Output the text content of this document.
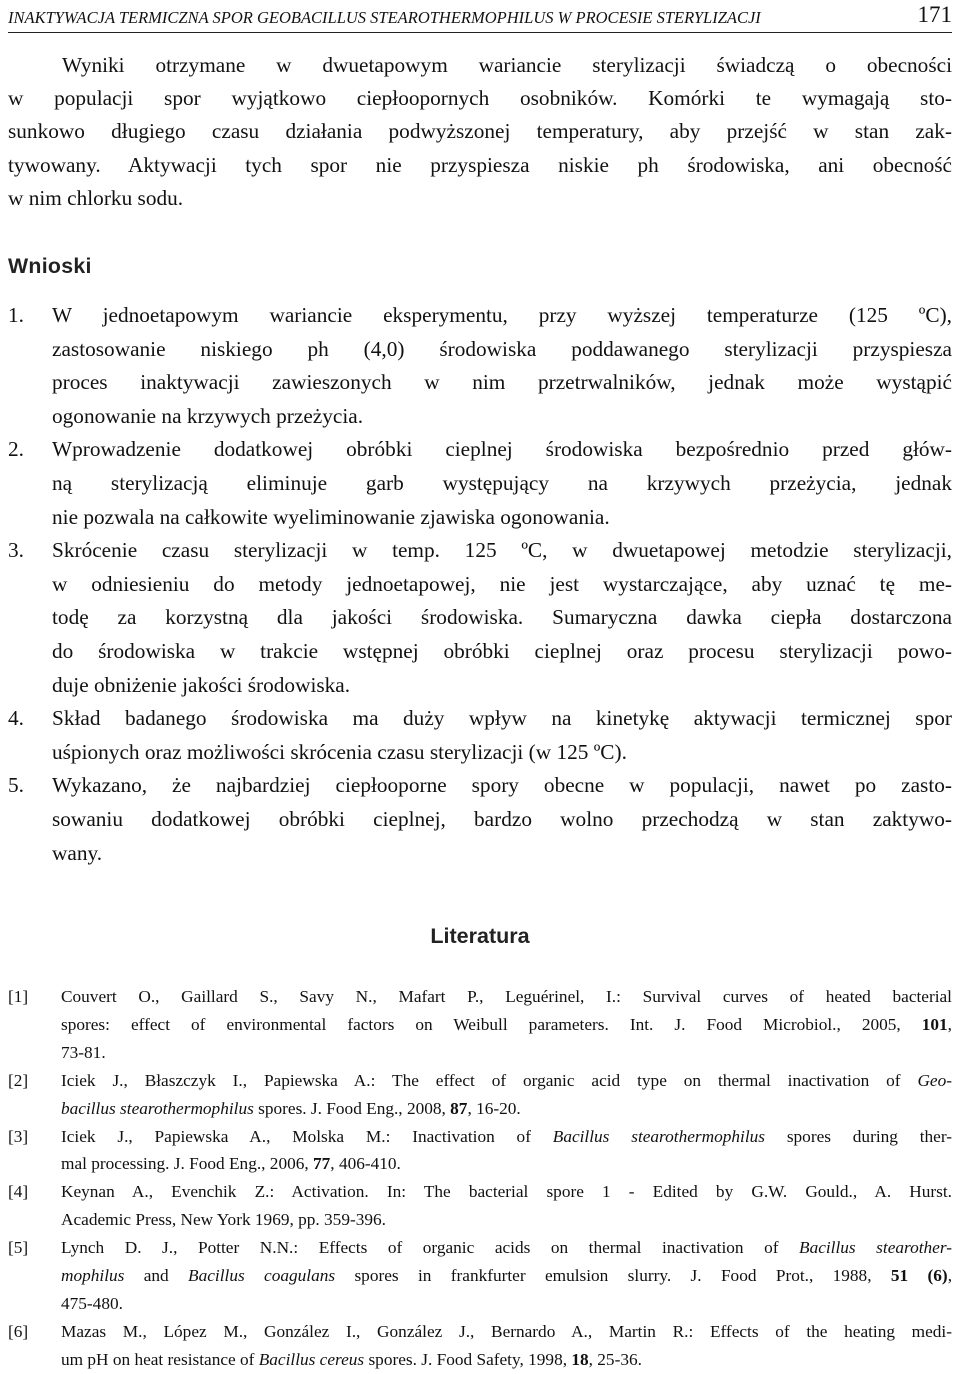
INAKTYWACJA TERMICZNA SPOR GEOBACILLUS STEAROTHERMOPHILUS W PROCESIE STERYLIZACJI	171
Wyniki otrzymane w dwuetapowym wariancie sterylizacji świadczą o obecności
w populacji spor wyjątkowo ciepłoopornych osobników. Komórki te wymagają sto-
sunkowo długiego czasu działania podwyższonej temperatury, aby przejść w stan zak-
tywowany. Aktywacji tych spor nie przyspiesza niskie ph środowiska, ani obecność
w nim chlorku sodu.
Wnioski
1. W jednoetapowym wariancie eksperymentu, przy wyższej temperaturze (125 ºC),
zastosowanie niskiego ph (4,0) środowiska poddawanego sterylizacji przyspiesza
proces inaktywacji zawieszonych w nim przetrwalników, jednak może wystąpić
ogonowanie na krzywych przeżycia.
2. Wprowadzenie dodatkowej obróbki cieplnej środowiska bezpośrednio przed głów-
ną sterylizacją eliminuje garb występujący na krzywych przeżycia, jednak
nie pozwala na całkowite wyeliminowanie zjawiska ogonowania.
3. Skrócenie czasu sterylizacji w temp. 125 ºC, w dwuetapowej metodzie sterylizacji,
w odniesieniu do metody jednoetapowej, nie jest wystarczające, aby uznać tę me-
todę za korzystną dla jakości środowiska. Sumaryczna dawka ciepła dostarczona
do środowiska w trakcie wstępnej obróbki cieplnej oraz procesu sterylizacji powo-
duje obniżenie jakości środowiska.
4. Skład badanego środowiska ma duży wpływ na kinetykę aktywacji termicznej spor
uśpionych oraz możliwości skrócenia czasu sterylizacji (w 125 ºC).
5. Wykazano, że najbardziej ciepłooporne spory obecne w populacji, nawet po zasto-
sowaniu dodatkowej obróbki cieplnej, bardzo wolno przechodzą w stan zaktywo-
wany.
Literatura
[1] Couvert O., Gaillard S., Savy N., Mafart P., Leguérinel, I.: Survival curves of heated bacterial
spores: effect of environmental factors on Weibull parameters. Int. J. Food Microbiol., 2005, 101,
73-81.
[2] Iciek J., Błaszczyk I., Papiewska A.: The effect of organic acid type on thermal inactivation of Geo-
bacillus stearothermophilus spores. J. Food Eng., 2008, 87, 16-20.
[3] Iciek J., Papiewska A., Molska M.: Inactivation of Bacillus stearothermophilus spores during ther-
mal processing. J. Food Eng., 2006, 77, 406-410.
[4] Keynan A., Evenchik Z.: Activation. In: The bacterial spore 1 - Edited by G.W. Gould., A. Hurst.
Academic Press, New York 1969, pp. 359-396.
[5] Lynch D. J., Potter N.N.: Effects of organic acids on thermal inactivation of Bacillus stearother-
mophilus and Bacillus coagulans spores in frankfurter emulsion slurry. J. Food Prot., 1988, 51 (6),
475-480.
[6] Mazas M., López M., González I., González J., Bernardo A., Martin R.: Effects of the heating medi-
um pH on heat resistance of Bacillus cereus spores. J. Food Safety, 1998, 18, 25-36.
